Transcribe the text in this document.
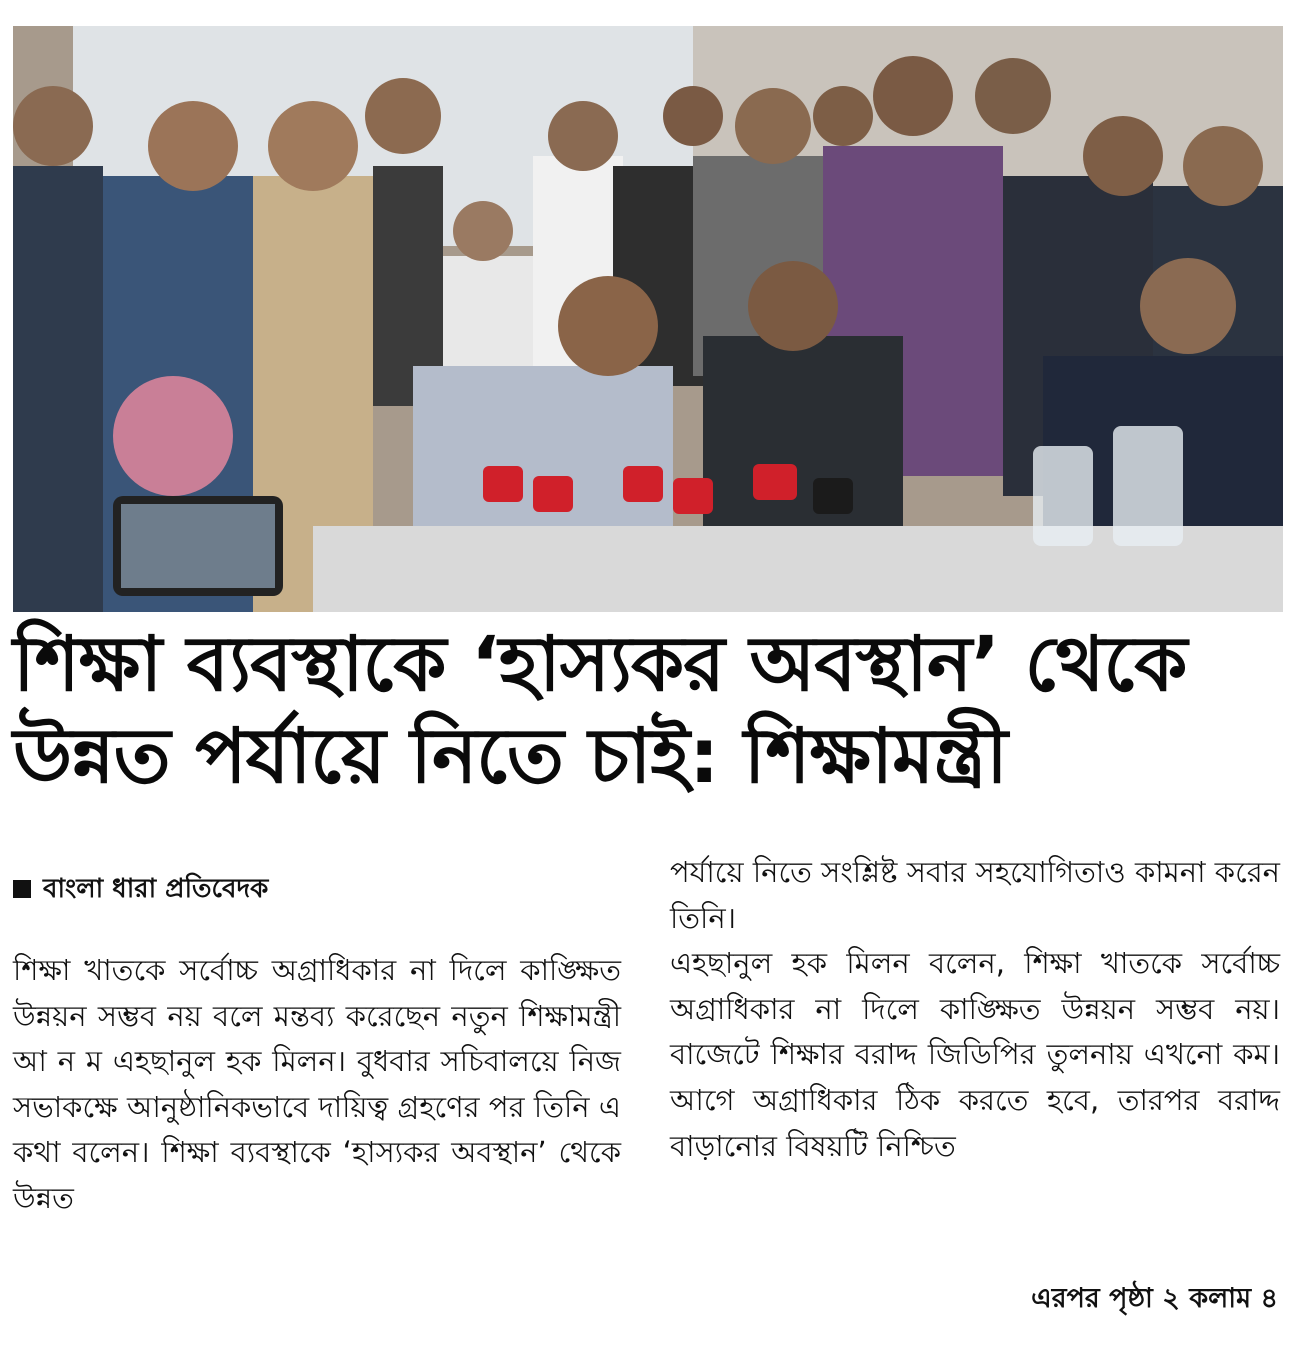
শিক্ষা ব্যবস্থাকে ‘হাস্যকর অবস্থান’ থেকে
উন্নত পর্যায়ে নিতে চাই: শিক্ষামন্ত্রী
বাংলা ধারা প্রতিবেদক

শিক্ষা খাতকে সর্বোচ্চ অগ্রাধিকার না দিলে কাঙ্ক্ষিত উন্নয়ন সম্ভব নয় বলে মন্তব্য করেছেন নতুন শিক্ষামন্ত্রী আ ন ম এহছানুল হক মিলন। বুধবার সচিবালয়ে নিজ সভাকক্ষে আনুষ্ঠানিকভাবে দায়িত্ব গ্রহণের পর তিনি এ কথা বলেন। শিক্ষা ব্যবস্থাকে ‘হাস্যকর অবস্থান’ থেকে উন্নত

পর্যায়ে নিতে সংশ্লিষ্ট সবার সহযোগিতাও কামনা করেন তিনি।

এহছানুল হক মিলন বলেন, শিক্ষা খাতকে সর্বোচ্চ অগ্রাধিকার না দিলে কাঙ্ক্ষিত উন্নয়ন সম্ভব নয়। বাজেটে শিক্ষার বরাদ্দ জিডিপির তুলনায় এখনো কম। আগে অগ্রাধিকার ঠিক করতে হবে, তারপর বরাদ্দ বাড়ানোর বিষয়টি নিশ্চিত

এরপর পৃষ্ঠা ২ কলাম ৪
